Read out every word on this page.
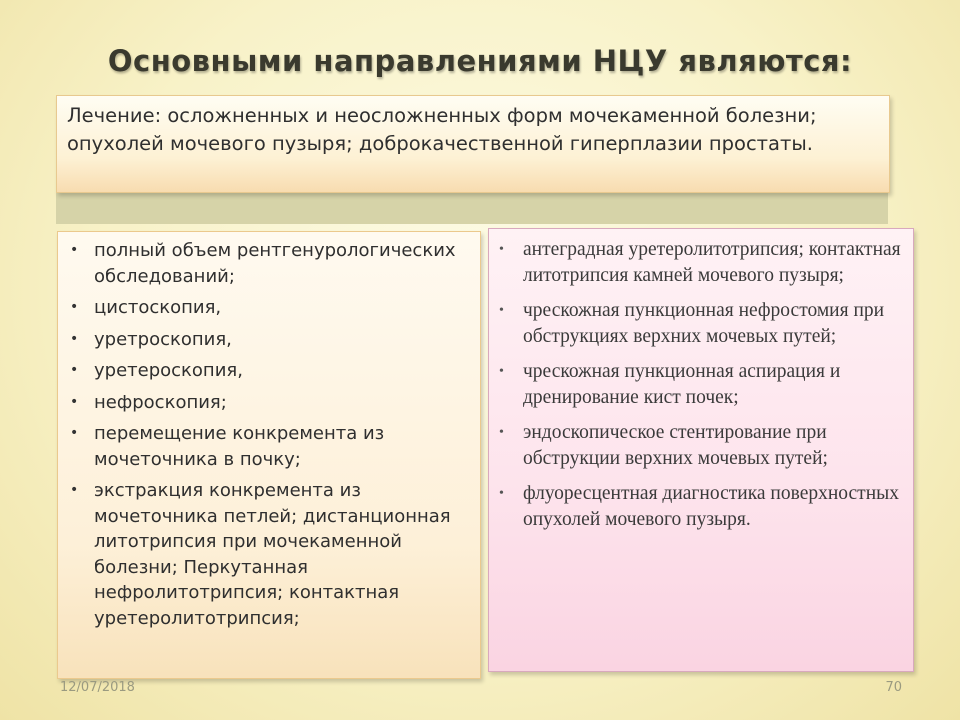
Основными направлениями НЦУ являются:
Лечение: осложненных и неосложненных форм мочекаменной болезни; опухолей мочевого пузыря; доброкачественной гиперплазии простаты.
• полный объем рентгенурологических обследований;
• цистоскопия,
• уретроскопия,
• уретероскопия,
• нефроскопия;
• перемещение конкремента из мочеточника в почку;
• экстракция конкремента из мочеточника петлей; дистанционная литотрипсия при мочекаменной болезни; Перкутанная нефролитотрипсия; контактная уретеролитотрипсия;
• антеградная уретеролитотрипсия; контактная литотрипсия камней мочевого пузыря;
• чрескожная пункционная нефростомия при обструкциях верхних мочевых путей;
• чрескожная пункционная аспирация и дренирование кист почек;
• эндоскопическое стентирование при обструкции верхних мочевых путей;
• флуоресцентная диагностика поверхностных опухолей мочевого пузыря.
12/07/2018	70
